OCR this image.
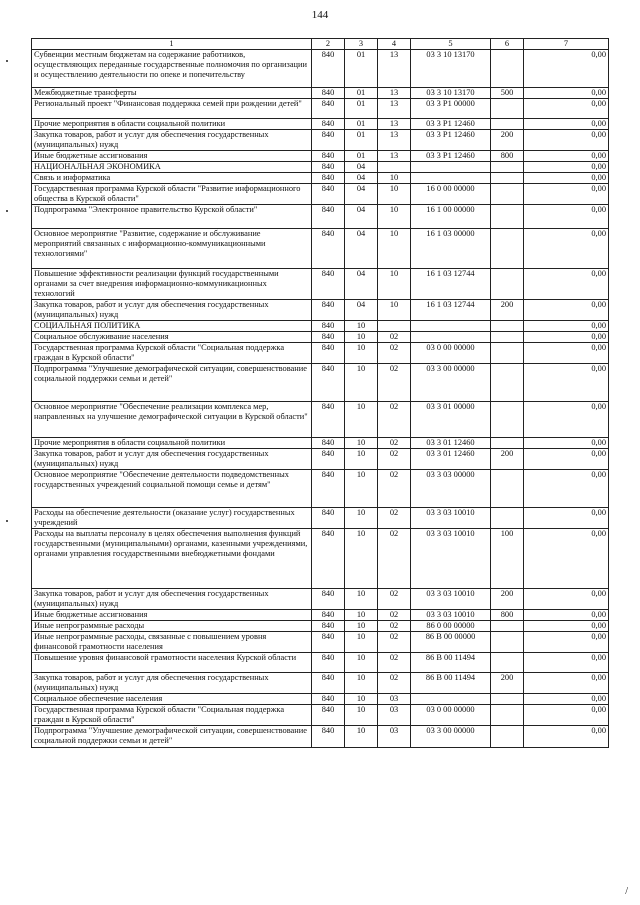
144
/
1	2	3	4	5	6	7
Субвенции местным бюджетам на содержание работников, осуществляющих переданные государственные полномочия по организации и осуществлению деятельности по опеке и попечительству	840	01	13	03 3 10 13170		0,00
Межбюджетные трансферты	840	01	13	03 3 10 13170	500	0,00
Региональный проект "Финансовая поддержка семей при рождении детей"	840	01	13	03 3 Р1 00000		0,00
Прочие мероприятия в области социальной политики	840	01	13	03 3 Р1 12460		0,00
Закупка товаров, работ и услуг для обеспечения государственных (муниципальных) нужд	840	01	13	03 3 Р1 12460	200	0,00
Иные бюджетные ассигнования	840	01	13	03 3 Р1 12460	800	0,00
НАЦИОНАЛЬНАЯ ЭКОНОМИКА	840	04				0,00
Связь и информатика	840	04	10			0,00
Государственная программа Курской области "Развитие информационного общества в Курской области"	840	04	10	16 0 00 00000		0,00
Подпрограмма "Электронное правительство Курской области"	840	04	10	16 1 00 00000		0,00
Основное мероприятие "Развитие, содержание и обслуживание мероприятий связанных с информационно-коммуникационными технологиями"	840	04	10	16 1 03 00000		0,00
Повышение эффективности реализации функций государственными органами за счет внедрения информационно-коммуникационных технологий	840	04	10	16 1 03 12744		0,00
Закупка товаров, работ и услуг для обеспечения государственных (муниципальных) нужд	840	04	10	16 1 03 12744	200	0,00
СОЦИАЛЬНАЯ ПОЛИТИКА	840	10				0,00
Социальное обслуживание населения	840	10	02			0,00
Государственная программа Курской области "Социальная поддержка граждан в Курской области"	840	10	02	03 0 00 00000		0,00
Подпрограмма "Улучшение демографической ситуации, совершенствование социальной поддержки семьи и детей"	840	10	02	03 3 00 00000		0,00
Основное мероприятие "Обеспечение реализации комплекса мер, направленных на улучшение демографической ситуации в Курской области"	840	10	02	03 3 01 00000		0,00
Прочие мероприятия в области социальной политики	840	10	02	03 3 01 12460		0,00
Закупка товаров, работ и услуг для обеспечения государственных (муниципальных) нужд	840	10	02	03 3 01 12460	200	0,00
Основное мероприятие "Обеспечение деятельности подведомственных государственных учреждений социальной помощи семье и детям"	840	10	02	03 3 03 00000		0,00
Расходы на обеспечение деятельности (оказание услуг) государственных учреждений	840	10	02	03 3 03 10010		0,00
Расходы на выплаты персоналу в целях обеспечения выполнения функций государственными (муниципальными) органами, казенными учреждениями, органами управления государственными внебюджетными фондами	840	10	02	03 3 03 10010	100	0,00
Закупка товаров, работ и услуг для обеспечения государственных (муниципальных) нужд	840	10	02	03 3 03 10010	200	0,00
Иные бюджетные ассигнования	840	10	02	03 3 03 10010	800	0,00
Иные непрограммные расходы	840	10	02	86 0 00 00000		0,00
Иные непрограммные расходы, связанные с повышением уровня финансовой грамотности населения	840	10	02	86 В 00 00000		0,00
Повышение уровня финансовой грамотности населения Курской области	840	10	02	86 В 00 11494		0,00
Закупка товаров, работ и услуг для обеспечения государственных (муниципальных) нужд	840	10	02	86 В 00 11494	200	0,00
Социальное обеспечение населения	840	10	03			0,00
Государственная программа Курской области "Социальная поддержка граждан в Курской области"	840	10	03	03 0 00 00000		0,00
Подпрограмма "Улучшение демографической ситуации, совершенствование социальной поддержки семьи и детей"	840	10	03	03 3 00 00000		0,00
